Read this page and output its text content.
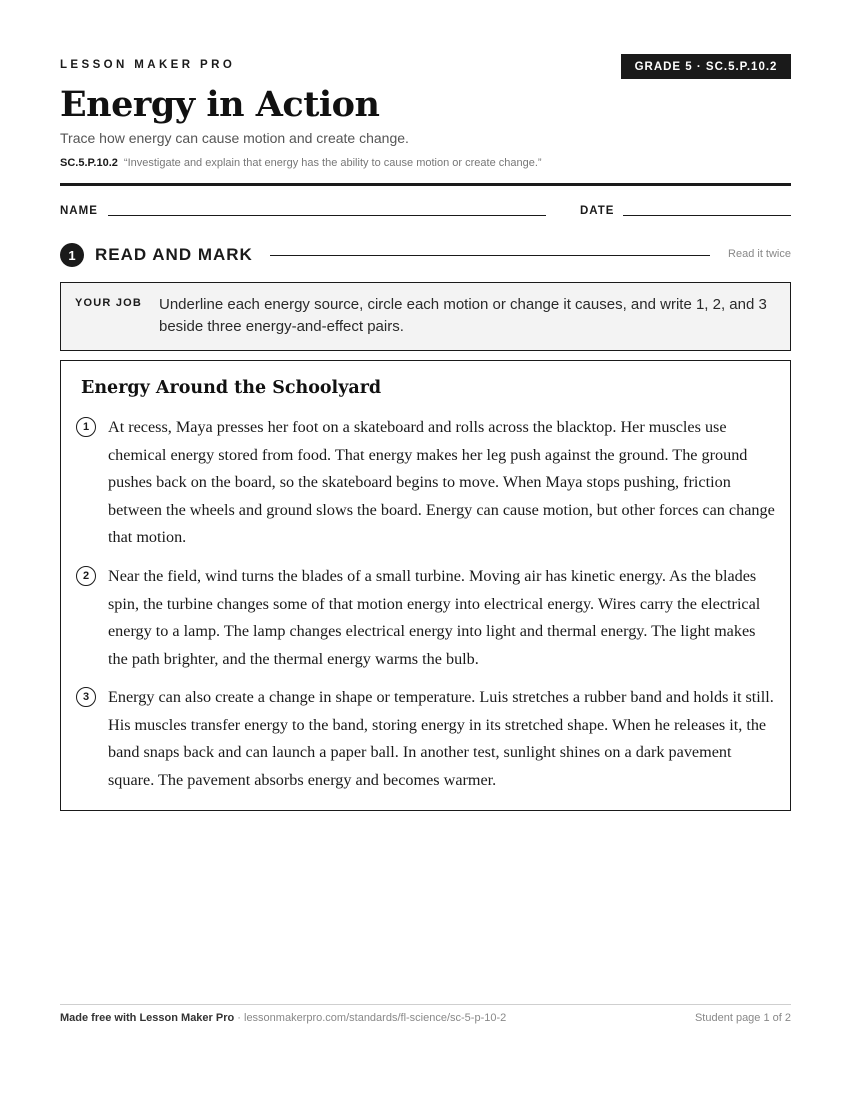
LESSON MAKER PRO	GRADE 5 · SC.5.P.10.2
Energy in Action
Trace how energy can cause motion and create change.
SC.5.P.10.2 “Investigate and explain that energy has the ability to cause motion or create change.”
NAME	DATE
1	READ AND MARK	Read it twice
YOUR JOB Underline each energy source, circle each motion or change it causes, and write 1, 2, and 3 beside three energy-and-effect pairs.
Energy Around the Schoolyard
1	At recess, Maya presses her foot on a skateboard and rolls across the blacktop. Her muscles use chemical energy stored from food. That energy makes her leg push against the ground. The ground pushes back on the board, so the skateboard begins to move. When Maya stops pushing, friction between the wheels and ground slows the board. Energy can cause motion, but other forces can change that motion.
2	Near the field, wind turns the blades of a small turbine. Moving air has kinetic energy. As the blades spin, the turbine changes some of that motion energy into electrical energy. Wires carry the electrical energy to a lamp. The lamp changes electrical energy into light and thermal energy. The light makes the path brighter, and the thermal energy warms the bulb.
3	Energy can also create a change in shape or temperature. Luis stretches a rubber band and holds it still. His muscles transfer energy to the band, storing energy in its stretched shape. When he releases it, the band snaps back and can launch a paper ball. In another test, sunlight shines on a dark pavement square. The pavement absorbs energy and becomes warmer.
Made free with Lesson Maker Pro · lessonmakerpro.com/standards/fl-science/sc-5-p-10-2	Student page 1 of 2
